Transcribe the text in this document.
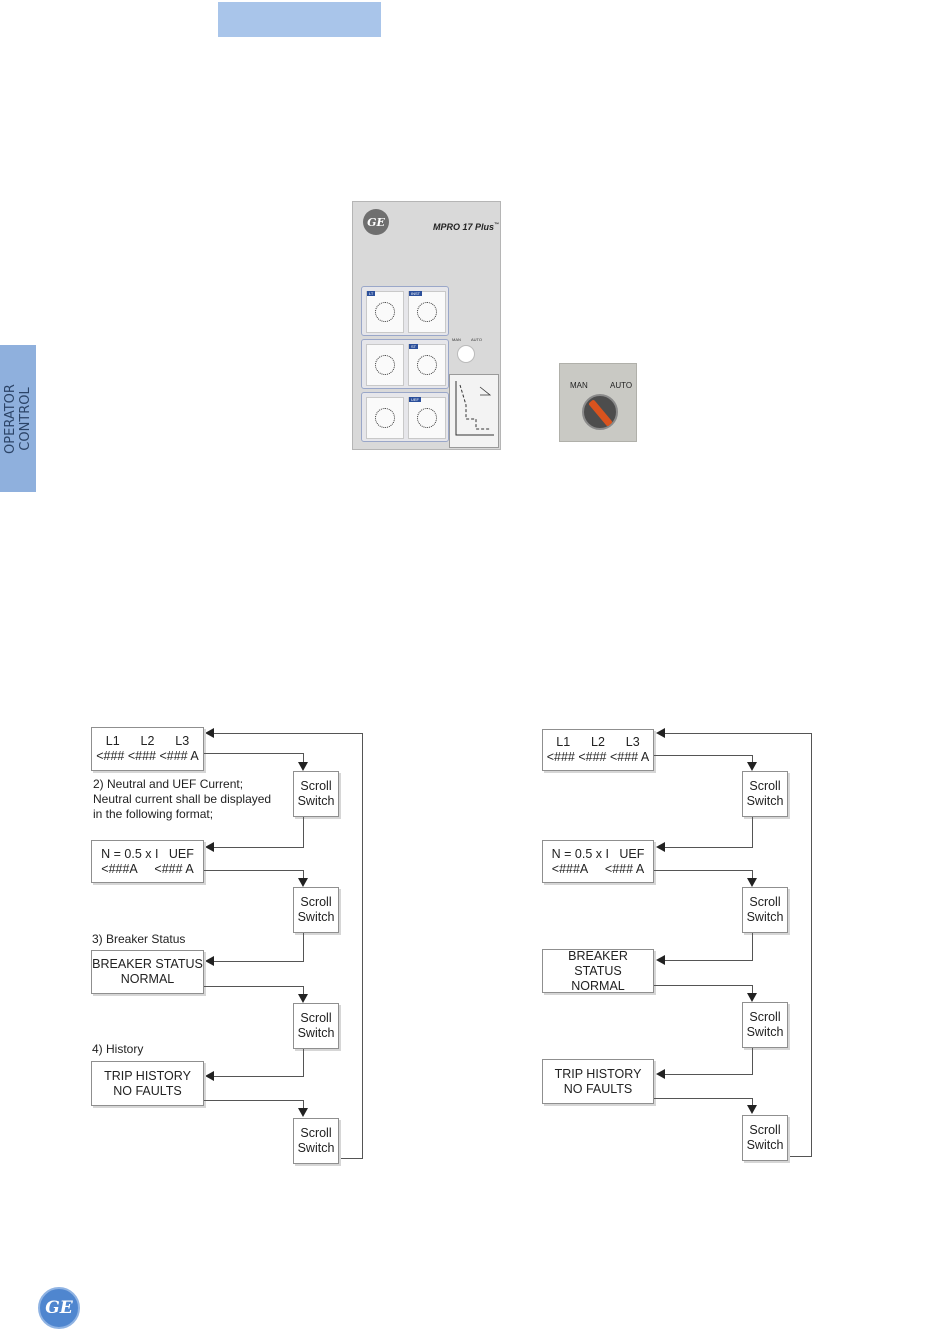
OPERATOR CONTROL
GE	MPRO 17 Plus™
LT	INST
ST
UEF
MAN	AUTO
MAN	AUTO
L1      L2      L3
<### <### <### A
Scroll
Switch
2) Neutral and UEF Current;
Neutral current shall be displayed
in the following format;
N = 0.5 x I   UEF
<###A     <### A
Scroll
Switch
3) Breaker Status
BREAKER STATUS
NORMAL
Scroll
Switch
4) History
TRIP HISTORY
NO FAULTS
Scroll
Switch
L1      L2      L3
<### <### <### A
Scroll
Switch
N = 0.5 x I   UEF
<###A     <### A
Scroll
Switch
BREAKER STATUS
NORMAL
Scroll
Switch
TRIP HISTORY
NO FAULTS
Scroll
Switch
GE
